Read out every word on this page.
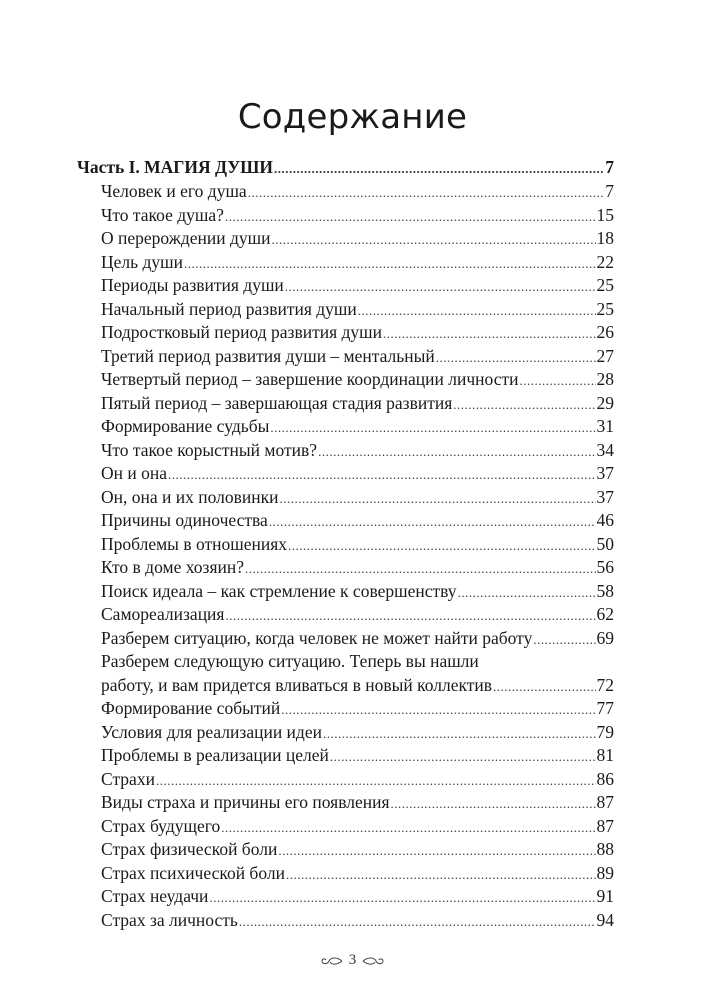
Содержание
Часть I. МАГИЯ ДУШИ .....	7
Человек и его душа .....	7
Что такое душа? .....	15
О перерождении души .....	18
Цель души .....	22
Периоды развития души .....	25
Начальный период развития души .....	25
Подростковый период развития души .....	26
Третий период развития души – ментальный .....	27
Четвертый период – завершение координации личности .....	28
Пятый период – завершающая стадия развития .....	29
Формирование судьбы .....	31
Что такое корыстный мотив? .....	34
Он и она .....	37
Он, она и их половинки .....	37
Причины одиночества .....	46
Проблемы в отношениях .....	50
Кто в доме хозяин? .....	56
Поиск идеала – как стремление к совершенству .....	58
Самореализация .....	62
Разберем ситуацию, когда человек не может найти работу .....	69
Разберем следующую ситуацию. Теперь вы нашли
работу, и вам придется вливаться в новый коллектив .....	72
Формирование событий .....	77
Условия для реализации идеи .....	79
Проблемы в реализации целей .....	81
Страхи .....	86
Виды страха и причины его появления .....	87
Страх будущего .....	87
Страх физической боли .....	88
Страх психической боли .....	89
Страх неудачи .....	91
Страх за личность .....	94
3
